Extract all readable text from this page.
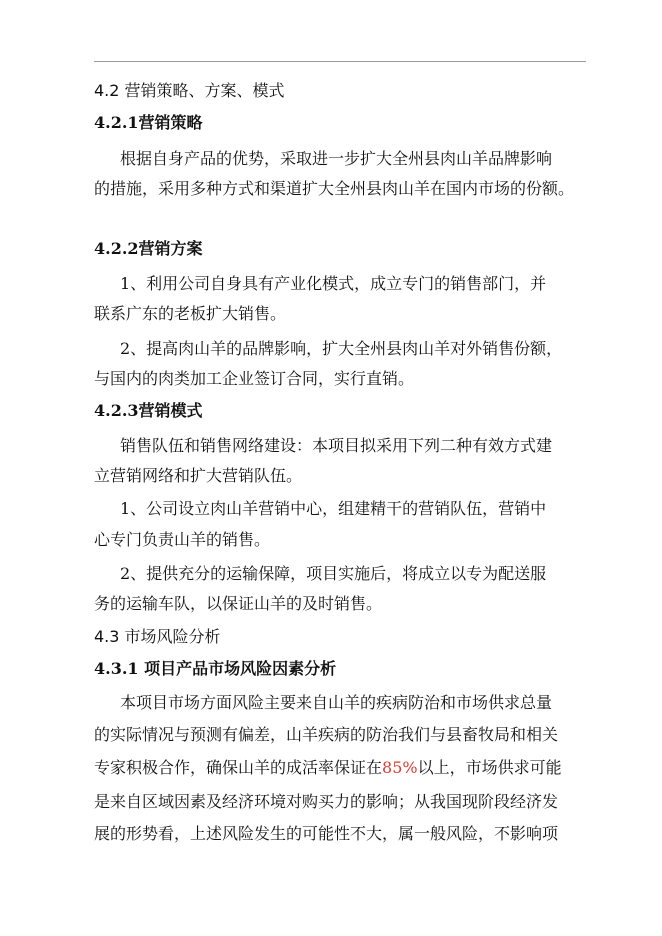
4.2 营销策略、方案、模式
4.2.1营销策略
根据自身产品的优势，采取进一步扩大全州县肉山羊品牌影响
的措施，采用多种方式和渠道扩大全州县肉山羊在国内市场的份额。
4.2.2营销方案
1、利用公司自身具有产业化模式，成立专门的销售部门，并
联系广东的老板扩大销售。
2、提高肉山羊的品牌影响，扩大全州县肉山羊对外销售份额，
与国内的肉类加工企业签订合同，实行直销。
4.2.3营销模式
销售队伍和销售网络建设：本项目拟采用下列二种有效方式建
立营销网络和扩大营销队伍。
1、公司设立肉山羊营销中心，组建精干的营销队伍，营销中
心专门负责山羊的销售。
2、提供充分的运输保障，项目实施后，将成立以专为配送服
务的运输车队，以保证山羊的及时销售。
4.3 市场风险分析
4.3.1 项目产品市场风险因素分析
本项目市场方面风险主要来自山羊的疾病防治和市场供求总量
的实际情况与预测有偏差，山羊疾病的防治我们与县畜牧局和相关
专家积极合作，确保山羊的成活率保证在85%以上，市场供求可能
是来自区域因素及经济环境对购买力的影响；从我国现阶段经济发
展的形势看，上述风险发生的可能性不大，属一般风险，不影响项
